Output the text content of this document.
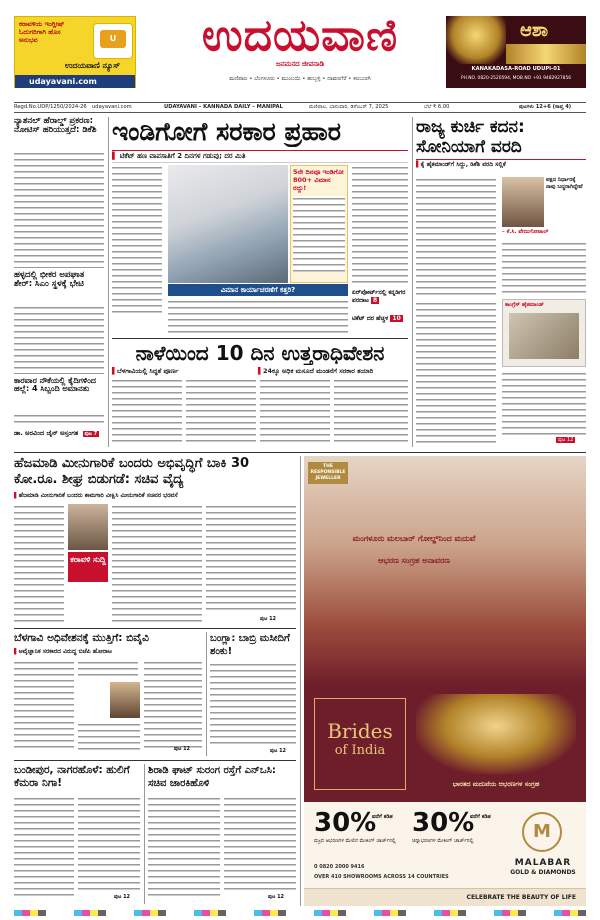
ಕರಾವಳಿಯ ಇಂಗ್ಲೀಷ್ ಓದುಗರಿಗಾಗಿ ಹೊಸ ಅನುಭವ	U
ಉದಯವಾಣಿ ನ್ಯೂಸ್
udayavani.com
ಉದಯವಾಣಿ
ಜನಮನದ ಜೀವನಾಡಿ
ಮಣಿಪಾಲ • ಬೆಂಗಳೂರು • ಮುಂಬಯಿ • ಹುಬ್ಬಳ್ಳಿ • ದಾವಣಗೆರೆ • ಕಲಬುರಗಿ
ಆಶಾ
KANAKADASA-ROAD UDUPI-01
PH.NO. 0820-2520594, MOB.NO +91 9482927856
Regd.No.UDP/1250/2024-26 udayavani.com	UDAYAVANI – KANNADA DAILY – MANIPAL	ಮಣಿಪಾಲ, ಭಾನುವಾರ, ಡಿಸೆಂಬರ್ 7, 2025	ಬೆಲೆ ₹ 6.00	ಪುಟಗಳು 12+6 (ಸಾಪ್ತ 4)
ನ್ಯಾಶನಲ್ ಹೆರಾಲ್ಡ್ ಪ್ರಕರಣ: ನೋಟಿಸ್ ಹರಿಯುತ್ತದೆ: ಡಿಕೆಶಿ
ಹಳ್ಳದಲ್ಲಿ ಭೀಕರ ಅಪಘಾತ ಶೇರ್: ಸಿಎಂ ಸ್ಥಳಕ್ಕೆ ಭೇಟಿ
ಕಾರವಾರ ನೌಕೆಯಲ್ಲಿ ಕೈದಿಗಳಿಂದ ಹಲ್ಲೆ: 4 ಸಿಬ್ಬಂದಿ ಅಮಾನತು
ಡಾ. ಅರವಿಂದ ಜೈನ್ ಅಸ್ತಂಗತ ಪುಟ 7
ಇಂಡಿಗೋಗೆ ಸರಕಾರ ಪ್ರಹಾರ
▌ ಟಿಕೆಟ್ ಹಣ ವಾಪಸಾತಿಗೆ 2 ದಿನಗಳ ಗಡುವು; ದರ ಮಿತಿ
5ನೇ ದಿನವೂ ಇಂಡಿಗೋ 800+ ವಿಮಾನ ರದ್ದು!
ವಿಮಾನ ಕಾರ್ಯಾಚರಣೆಗೆ ಕತ್ತರಿ?	ಏರ್‌ಪೋರ್ಟ್‌ನಲ್ಲಿ ಕನ್ನಡಿಗರ ಪರದಾಟ 8
ಟಿಕೆಟ್ ದರ ಹೆಚ್ಚಳ 10
ನಾಳೆಯಿಂದ 10 ದಿನ ಉತ್ತರಾಧಿವೇಶನ
▌ಬೆಳಗಾವಿಯಲ್ಲಿ ಸಿದ್ಧತೆ ಪೂರ್ಣ	▌24ಕ್ಕೂ ಅಧಿಕ ಮಸೂದೆ ಮಂಡನೆಗೆ ಸರಕಾರ ತಯಾರಿ
ರಾಜ್ಯ ಕುರ್ಚಿ ಕದನ: ಸೋನಿಯಾಗೆ ವರದಿ
▌ಕೈ ಹೈಕಮಾಂಡ್‌ಗೆ ಸಿದ್ದು, ಡಿಕೆಶಿ ವರದಿ ಸಲ್ಲಿಕೆ
ಪಕ್ಷದ ನಿರ್ಧಾರಕ್ಕೆ ನಾವು ಬದ್ಧರಾಗಿದ್ದೇವೆ
– ಕೆ.ಸಿ. ವೇಣುಗೋಪಾಲ್
ಕಾಂಗ್ರೆಸ್ ಹೈಕಮಾಂಡ್
ಪುಟ 12
ಹೆಜಮಾಡಿ ಮೀನುಗಾರಿಕೆ ಬಂದರು ಅಭಿವೃದ್ಧಿಗೆ ಬಾಕಿ 30 ಕೋ.ರೂ. ಶೀಘ್ರ ಬಿಡುಗಡೆ: ಸಚಿವ ವೈದ್ಯ
▌ಹೆಜಮಾಡಿ ಮೀನುಗಾರಿಕೆ ಬಂದರು ಕಾಮಗಾರಿ ವೀಕ್ಷಿಸಿ ಮೀನುಗಾರಿಕೆ ಸಚಿವರ ಭರವಸೆ
ಕರಾವಳಿ ಸುದ್ದಿ
ಪುಟ 12
ಬೆಳಗಾವಿ ಅಧಿವೇಶನಕ್ಕೆ ಮುತ್ತಿಗೆ: ಬಿವೈವಿ
▌ಅವೈಜ್ಞಾನಿಕ ಸರಕಾರದ ವಿರುದ್ಧ ಬಿಜೆಪಿ ಹೋರಾಟ
ಪುಟ 12
ಬಂಗ್ಲಾ: ಬಾಬ್ರಿ ಮಸೀದಿಗೆ ಶಂಕು!
ಪುಟ 12
ಬಂಡೀಪುರ, ನಾಗರಹೊಳೆ: ಹುಲಿಗೆ ಕೆಮರಾ ನಿಗಾ!
ಪುಟ 12
ಶಿರಾಡಿ ಘಾಟ್ ಸುರಂಗ ರಸ್ತೆಗೆ ಎನ್‌ಒಸಿ: ಸಚಿವ ಜಾರಕಿಹೊಳಿ
ಪುಟ 12
THE RESPONSIBLE JEWELLER
ಮಂಗಳೂರು ಮಲಬಾರ್ ಗೋಲ್ಡ್‌ನಿಂದ ಮದುವೆ
ಆಭರಣ ಸಂಗ್ರಹ ಅನಾವರಣ
Brides
of India
ಭಾರತದ ಮದುವೆಯ ಆಭರಣಗಳ ಸಂಗ್ರಹ
30%
ವರೆಗೆ ಕಡಿತ
ವಜ್ರದ ಆಭರಣಗಳ ಮೇಲಿನ ಮೇಕಿಂಗ್ ಚಾರ್ಜ್‌ನಲ್ಲಿ
30%
ವರೆಗೆ ಕಡಿತ
ಚಿನ್ನಾಭರಣಗಳ ಮೇಕಿಂಗ್ ಚಾರ್ಜ್‌ನಲ್ಲಿ	M
MALABAR
GOLD & DIAMONDS
0 0820 2000 9416
OVER 410 SHOWROOMS ACROSS 14 COUNTRIES
CELEBRATE THE BEAUTY OF LIFE
